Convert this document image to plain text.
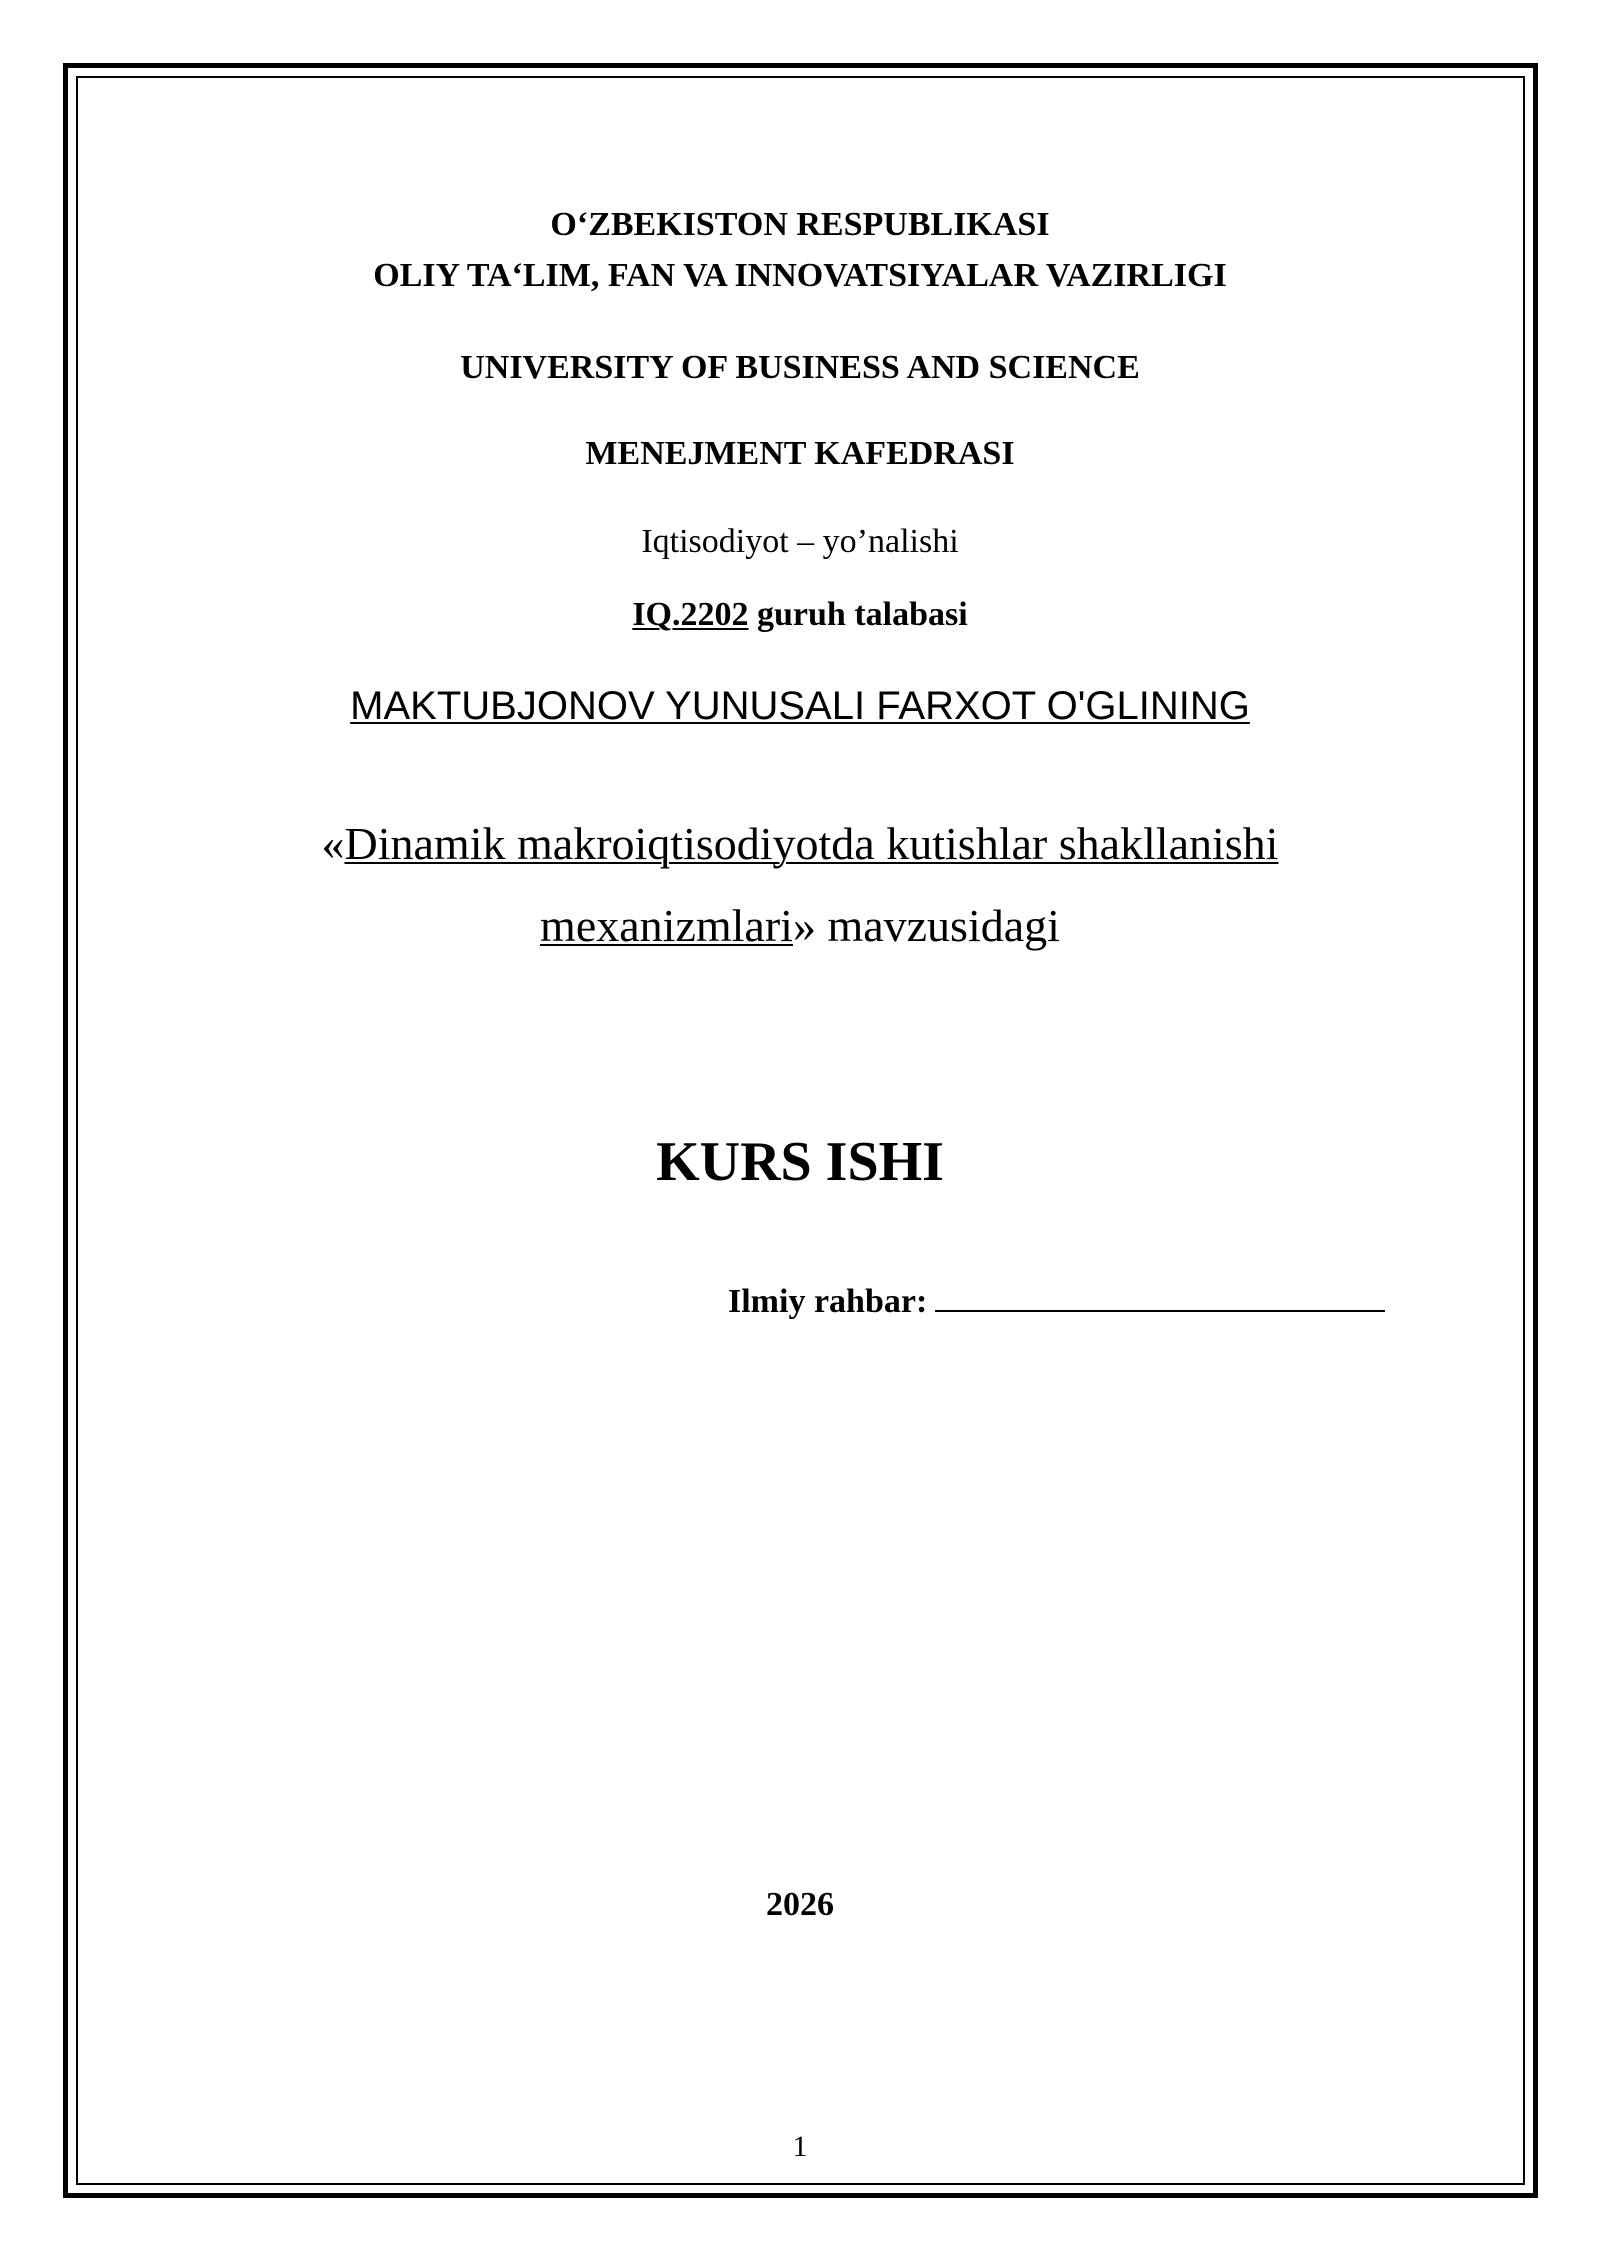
O‘ZBEKISTON RESPUBLIKASI
OLIY TA‘LIM, FAN VA INNOVATSIYALAR VAZIRLIGI
UNIVERSITY OF BUSINESS AND SCIENCE
MENEJMENT KAFEDRASI
Iqtisodiyot – yo’nalishi
IQ.2202 guruh talabasi
MAKTUBJONOV YUNUSALI FARXOT O'GLINING
«Dinamik makroiqtisodiyotda kutishlar shakllanishi
mexanizmlari» mavzusidagi
KURS ISHI
Ilmiy rahbar:
2026
1
